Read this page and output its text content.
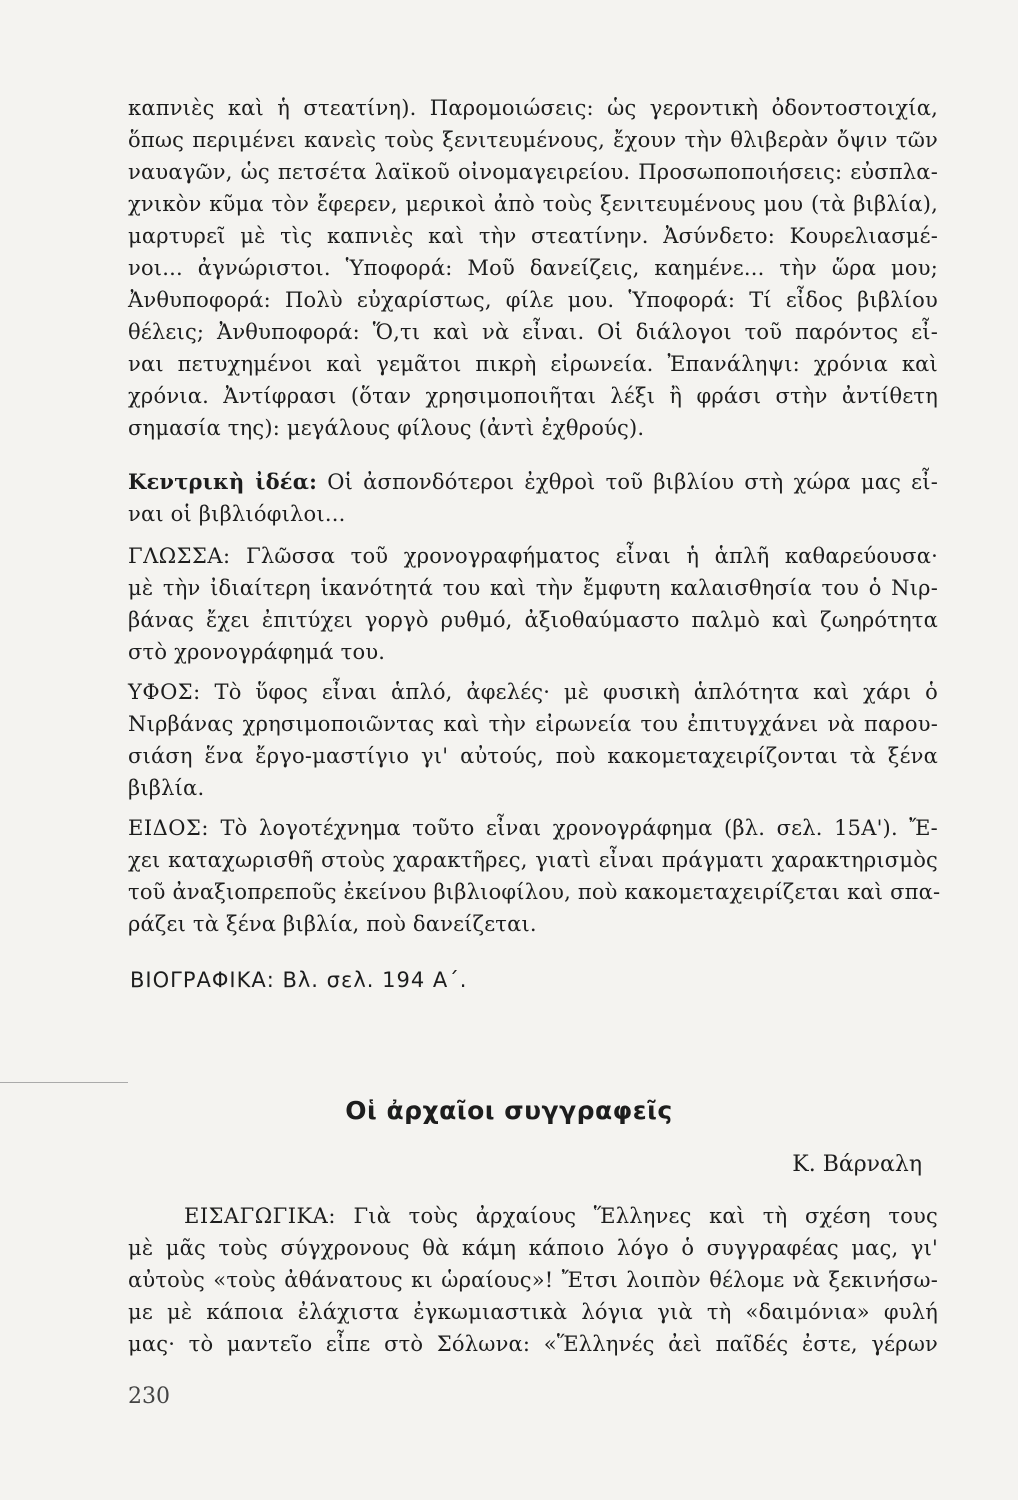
καπνιὲς καὶ ἡ στεατίνη). Παρομοιώσεις: ὡς γεροντικὴ ὀδοντοστοιχία,
ὅπως περιμένει κανεὶς τοὺς ξενιτευμένους, ἔχουν τὴν θλιβερὰν ὄψιν τῶν
ναυαγῶν, ὡς πετσέτα λαϊκοῦ οἰνομαγειρείου. Προσωποποιήσεις: εὐσπλα-
χνικὸν κῦμα τὸν ἔφερεν, μερικοὶ ἀπὸ τοὺς ξενιτευμένους μου (τὰ βιβλία),
μαρτυρεῖ μὲ τὶς καπνιὲς καὶ τὴν στεατίνην. Ἀσύνδετο: Κουρελιασμέ-
νοι... ἀγνώριστοι. Ὑποφορά: Μοῦ δανείζεις, καημένε... τὴν ὥρα μου;
Ἀνθυποφορά: Πολὺ εὐχαρίστως, φίλε μου. Ὑποφορά: Τί εἶδος βιβλίου
θέλεις; Ἀνθυποφορά: Ὅ,τι καὶ νὰ εἶναι. Οἱ διάλογοι τοῦ παρόντος εἶ-
ναι πετυχημένοι καὶ γεμᾶτοι πικρὴ εἰρωνεία. Ἐπανάληψι: χρόνια καὶ
χρόνια. Ἀντίφρασι (ὅταν χρησιμοποιῆται λέξι ἢ φράσι στὴν ἀντίθετη
σημασία της): μεγάλους φίλους (ἀντὶ ἐχθρούς).
Κεντρικὴ ἰδέα: Οἱ ἀσπονδότεροι ἐχθροὶ τοῦ βιβλίου στὴ χώρα μας εἶ-
ναι οἱ βιβλιόφιλοι...
ΓΛΩΣΣΑ: Γλῶσσα τοῦ χρονογραφήματος εἶναι ἡ ἁπλῆ καθαρεύουσα·
μὲ τὴν ἰδιαίτερη ἱκανότητά του καὶ τὴν ἔμφυτη καλαισθησία του ὁ Νιρ-
βάνας ἔχει ἐπιτύχει γοργὸ ρυθμό, ἀξιοθαύμαστο παλμὸ καὶ ζωηρότητα
στὸ χρονογράφημά του.
ΥΦΟΣ: Τὸ ὕφος εἶναι ἁπλό, ἀφελές· μὲ φυσικὴ ἁπλότητα καὶ χάρι ὁ
Νιρβάνας χρησιμοποιῶντας καὶ τὴν εἰρωνεία του ἐπιτυγχάνει νὰ παρου-
σιάση ἕνα ἔργο-μαστίγιο γι' αὐτούς, ποὺ κακομεταχειρίζονται τὰ ξένα
βιβλία.
ΕΙΔΟΣ: Τὸ λογοτέχνημα τοῦτο εἶναι χρονογράφημα (βλ. σελ. 15Α'). Ἔ-
χει καταχωρισθῆ στοὺς χαρακτῆρες, γιατὶ εἶναι πράγματι χαρακτηρισμὸς
τοῦ ἀναξιοπρεποῦς ἐκείνου βιβλιοφίλου, ποὺ κακομεταχειρίζεται καὶ σπα-
ράζει τὰ ξένα βιβλία, ποὺ δανείζεται.
ΒΙΟΓΡΑΦΙΚΑ: Βλ. σελ. 194 Α΄.
Οἱ ἀρχαῖοι συγγραφεῖς
Κ. Βάρναλη
ΕΙΣΑΓΩΓΙΚΑ: Γιὰ τοὺς ἀρχαίους Ἕλληνες καὶ τὴ σχέση τους
μὲ μᾶς τοὺς σύγχρονους θὰ κάμη κάποιο λόγο ὁ συγγραφέας μας, γι'
αὐτοὺς «τοὺς ἀθάνατους κι ὡραίους»! Ἔτσι λοιπὸν θέλομε νὰ ξεκινήσω-
με μὲ κάποια ἐλάχιστα ἐγκωμιαστικὰ λόγια γιὰ τὴ «δαιμόνια» φυλή
μας· τὸ μαντεῖο εἶπε στὸ Σόλωνα: «Ἕλληνές ἀεὶ παῖδές ἐστε, γέρων
230
